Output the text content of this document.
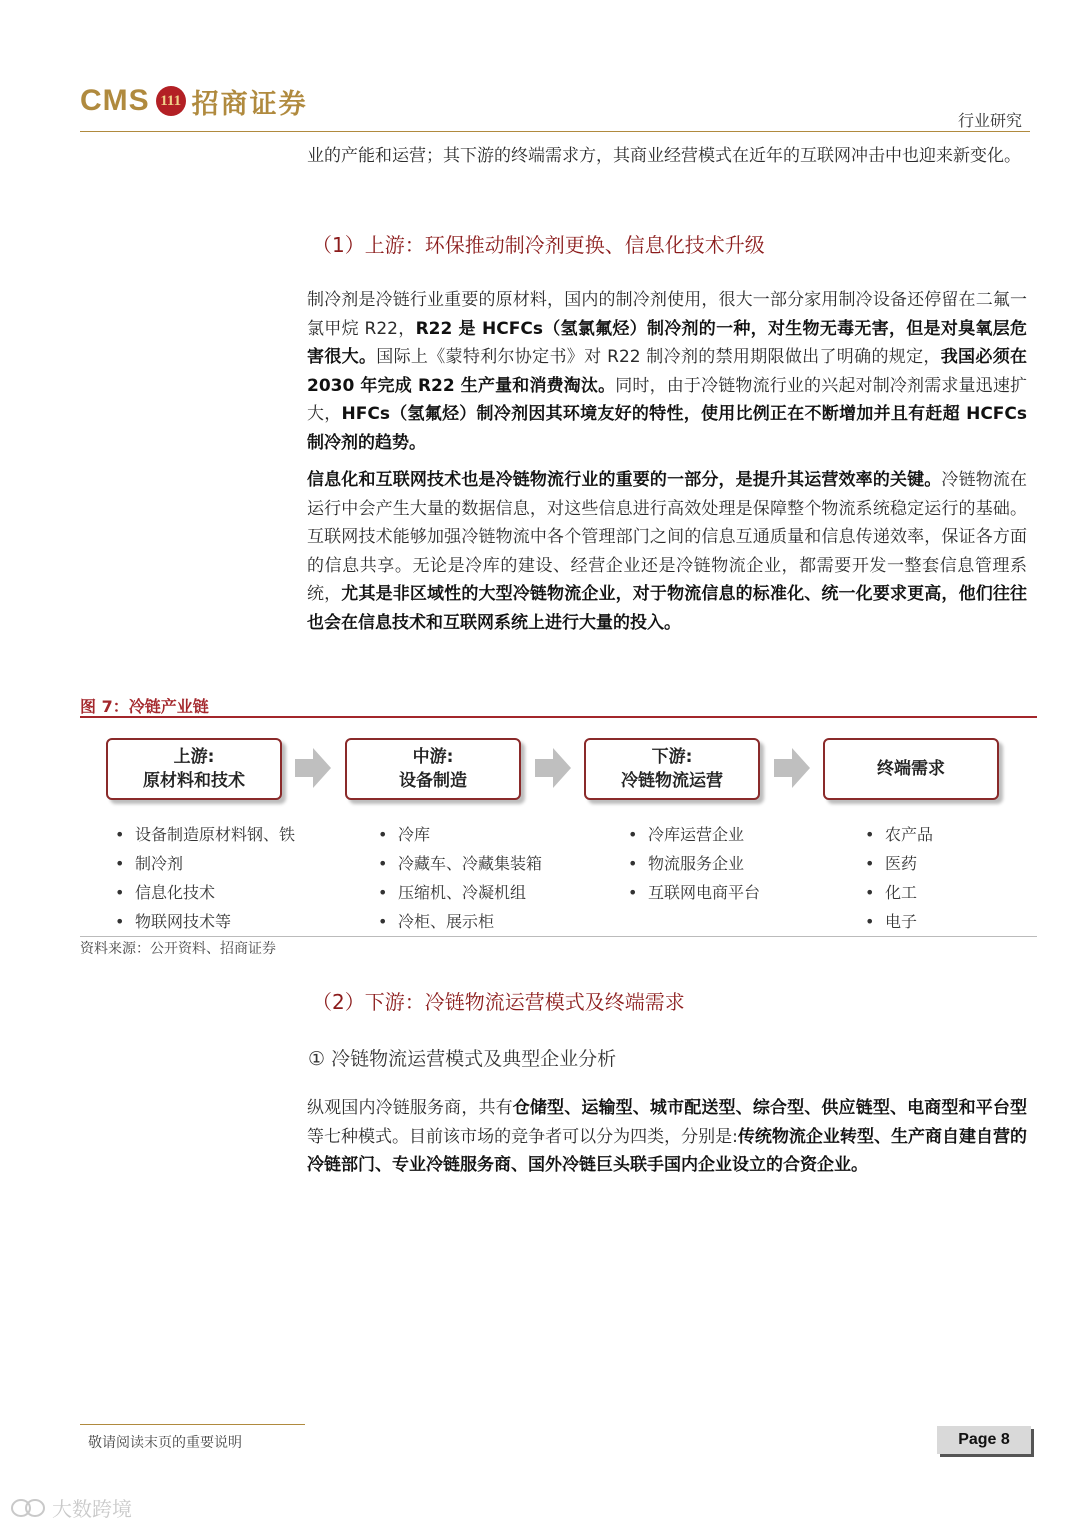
CMS 111 招商证券
行业研究
业的产能和运营；其下游的终端需求方，其商业经营模式在近年的互联网冲击中也迎来新变化。
（1）上游：环保推动制冷剂更换、信息化技术升级
制冷剂是冷链行业重要的原材料，国内的制冷剂使用，很大一部分家用制冷设备还停留在二氟一氯甲烷 R22，R22 是 HCFCs（氢氯氟烃）制冷剂的一种，对生物无毒无害，但是对臭氧层危害很大。国际上《蒙特利尔协定书》对 R22 制冷剂的禁用期限做出了明确的规定，我国必须在 2030 年完成 R22 生产量和消费淘汰。同时，由于冷链物流行业的兴起对制冷剂需求量迅速扩大，HFCs（氢氟烃）制冷剂因其环境友好的特性，使用比例正在不断增加并且有赶超 HCFCs 制冷剂的趋势。
信息化和互联网技术也是冷链物流行业的重要的一部分，是提升其运营效率的关键。冷链物流在运行中会产生大量的数据信息，对这些信息进行高效处理是保障整个物流系统稳定运行的基础。互联网技术能够加强冷链物流中各个管理部门之间的信息互通质量和信息传递效率，保证各方面的信息共享。无论是冷库的建设、经营企业还是冷链物流企业，都需要开发一整套信息管理系统，尤其是非区域性的大型冷链物流企业，对于物流信息的标准化、统一化要求更高，他们往往也会在信息技术和互联网系统上进行大量的投入。
图 7：冷链产业链
上游:
原材料和技术
中游:
设备制造
下游:
冷链物流运营
终端需求
• 设备制造原材料钢、铁
• 制冷剂
• 信息化技术
• 物联网技术等
• 冷库
• 冷藏车、冷藏集装箱
• 压缩机、冷凝机组
• 冷柜、展示柜
• 冷库运营企业
• 物流服务企业
• 互联网电商平台
• 农产品
• 医药
• 化工
• 电子
资料来源：公开资料、招商证券
（2）下游：冷链物流运营模式及终端需求
① 冷链物流运营模式及典型企业分析
纵观国内冷链服务商，共有仓储型、运输型、城市配送型、综合型、供应链型、电商型和平台型等七种模式。目前该市场的竞争者可以分为四类，分别是:传统物流企业转型、生产商自建自营的冷链部门、专业冷链服务商、国外冷链巨头联手国内企业设立的合资企业。
敬请阅读末页的重要说明	Page 8
大数跨境
